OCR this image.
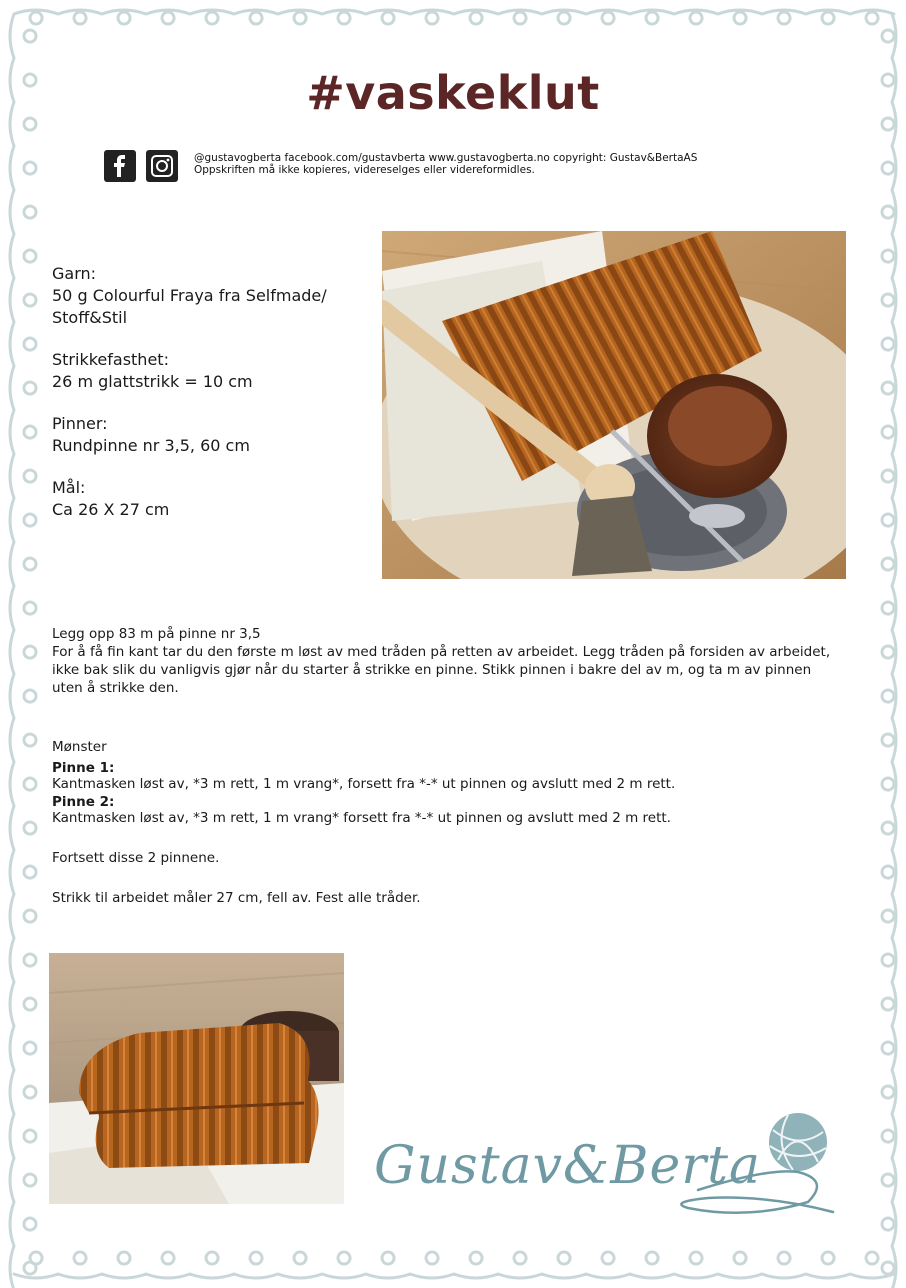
#vaskeklut
@gustavogberta facebook.com/gustavberta www.gustavogberta.no copyright: Gustav&BertaAS
Oppskriften må ikke kopieres, videreselges eller videreformidles.
Garn:
50 g Colourful Fraya fra Selfmade/ Stoff&Stil
Strikkefasthet:
26 m glattstrikk = 10 cm
Pinner:
Rundpinne nr 3,5, 60 cm
Mål:
Ca 26 X 27 cm
Legg opp 83 m på pinne nr 3,5
For å få fin kant tar du den første m løst av med tråden på retten av arbeidet. Legg tråden på forsiden av arbeidet, ikke bak slik du vanligvis gjør når du starter å strikke en pinne. Stikk pinnen i bakre del av m, og ta m av pinnen uten å strikke den.
Mønster
Pinne 1:
Kantmasken løst av, *3 m rett, 1 m vrang*, forsett fra *-* ut pinnen og avslutt med 2 m rett.
Pinne 2:
Kantmasken løst av, *3 m rett, 1 m vrang* forsett fra *-* ut pinnen og avslutt med 2 m rett.
Fortsett disse 2 pinnene.
Strikk til arbeidet måler 27 cm, fell av. Fest alle tråder.
Gustav&Berta
